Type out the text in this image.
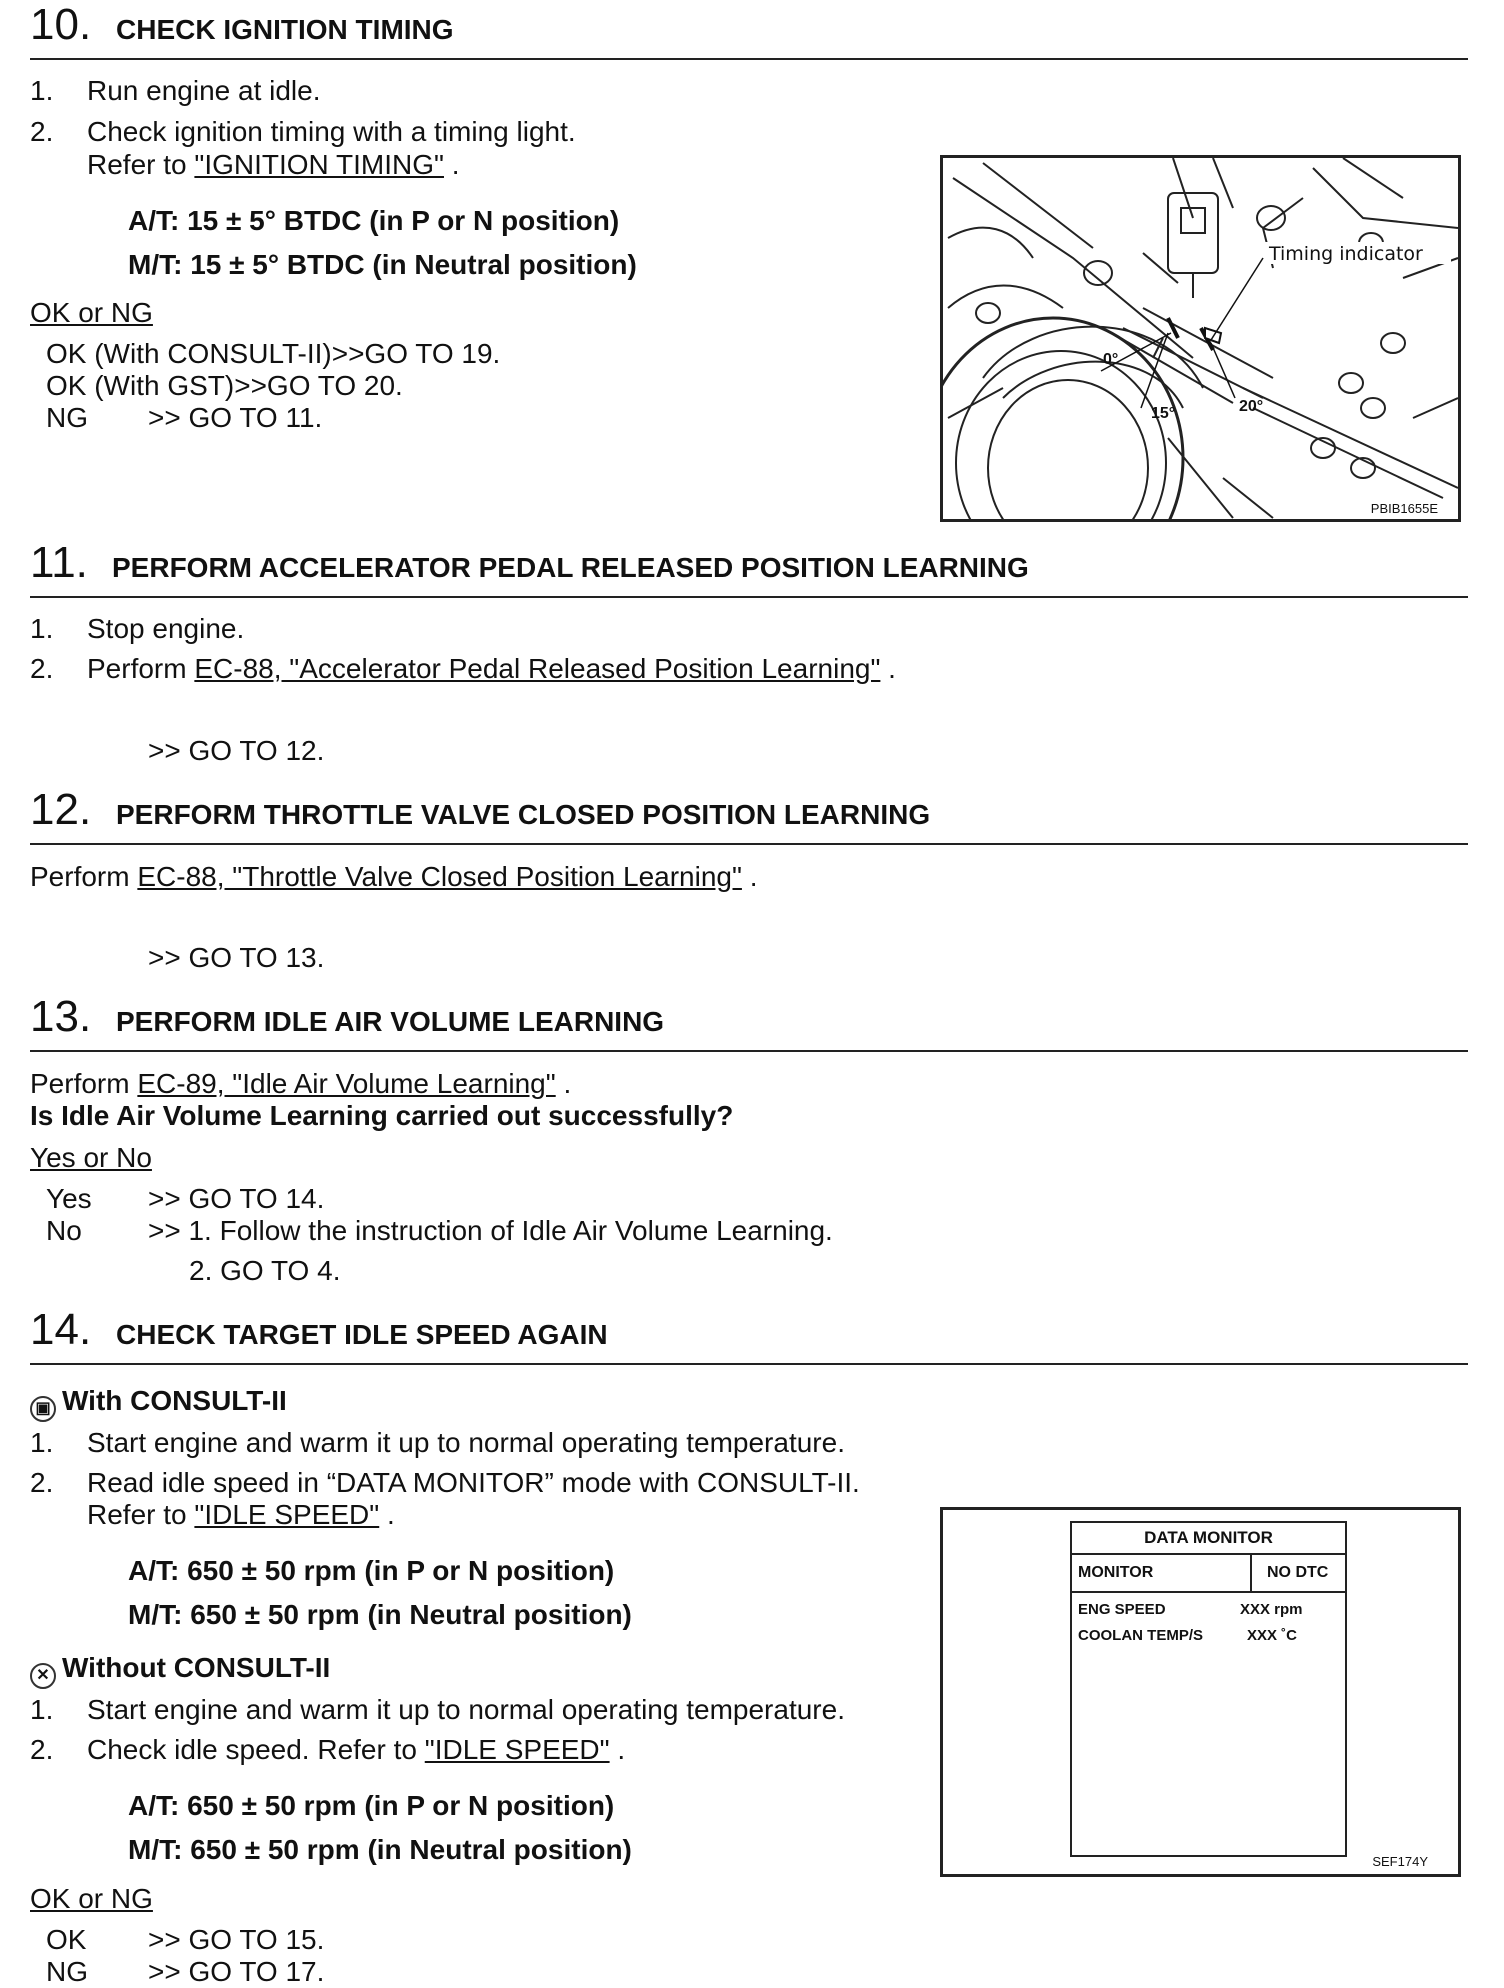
10. CHECK IGNITION TIMING
1. Run engine at idle.
2. Check ignition timing with a timing light.
Refer to "IGNITION TIMING" .
A/T: 15 ± 5° BTDC (in P or N position)
M/T: 15 ± 5° BTDC (in Neutral position)
OK or NG
OK (With CONSULT-II)>>GO TO 19.
OK (With GST)>>GO TO 20.
NG >> GO TO 11.
Timing indicator
0°
15°	20°
PBIB1655E
11. PERFORM ACCELERATOR PEDAL RELEASED POSITION LEARNING
1. Stop engine.
2. Perform EC-88, "Accelerator Pedal Released Position Learning" .
>> GO TO 12.
12. PERFORM THROTTLE VALVE CLOSED POSITION LEARNING
Perform EC-88, "Throttle Valve Closed Position Learning" .
>> GO TO 13.
13. PERFORM IDLE AIR VOLUME LEARNING
Perform EC-89, "Idle Air Volume Learning" .
Is Idle Air Volume Learning carried out successfully?
Yes or No
Yes >> GO TO 14.
No >> 1. Follow the instruction of Idle Air Volume Learning.
2. GO TO 4.
14. CHECK TARGET IDLE SPEED AGAIN
▣ With CONSULT-II
1. Start engine and warm it up to normal operating temperature.
2. Read idle speed in “DATA MONITOR” mode with CONSULT-II.
Refer to "IDLE SPEED" .
A/T: 650 ± 50 rpm (in P or N position)
M/T: 650 ± 50 rpm (in Neutral position)
✕ Without CONSULT-II
1. Start engine and warm it up to normal operating temperature.
2. Check idle speed. Refer to "IDLE SPEED" .
A/T: 650 ± 50 rpm (in P or N position)
M/T: 650 ± 50 rpm (in Neutral position)
OK or NG
OK >> GO TO 15.
NG >> GO TO 17.
DATA MONITOR
MONITOR	NO DTC
ENG SPEED	XXX rpm
COOLAN TEMP/S	XXX ˚C
SEF174Y
